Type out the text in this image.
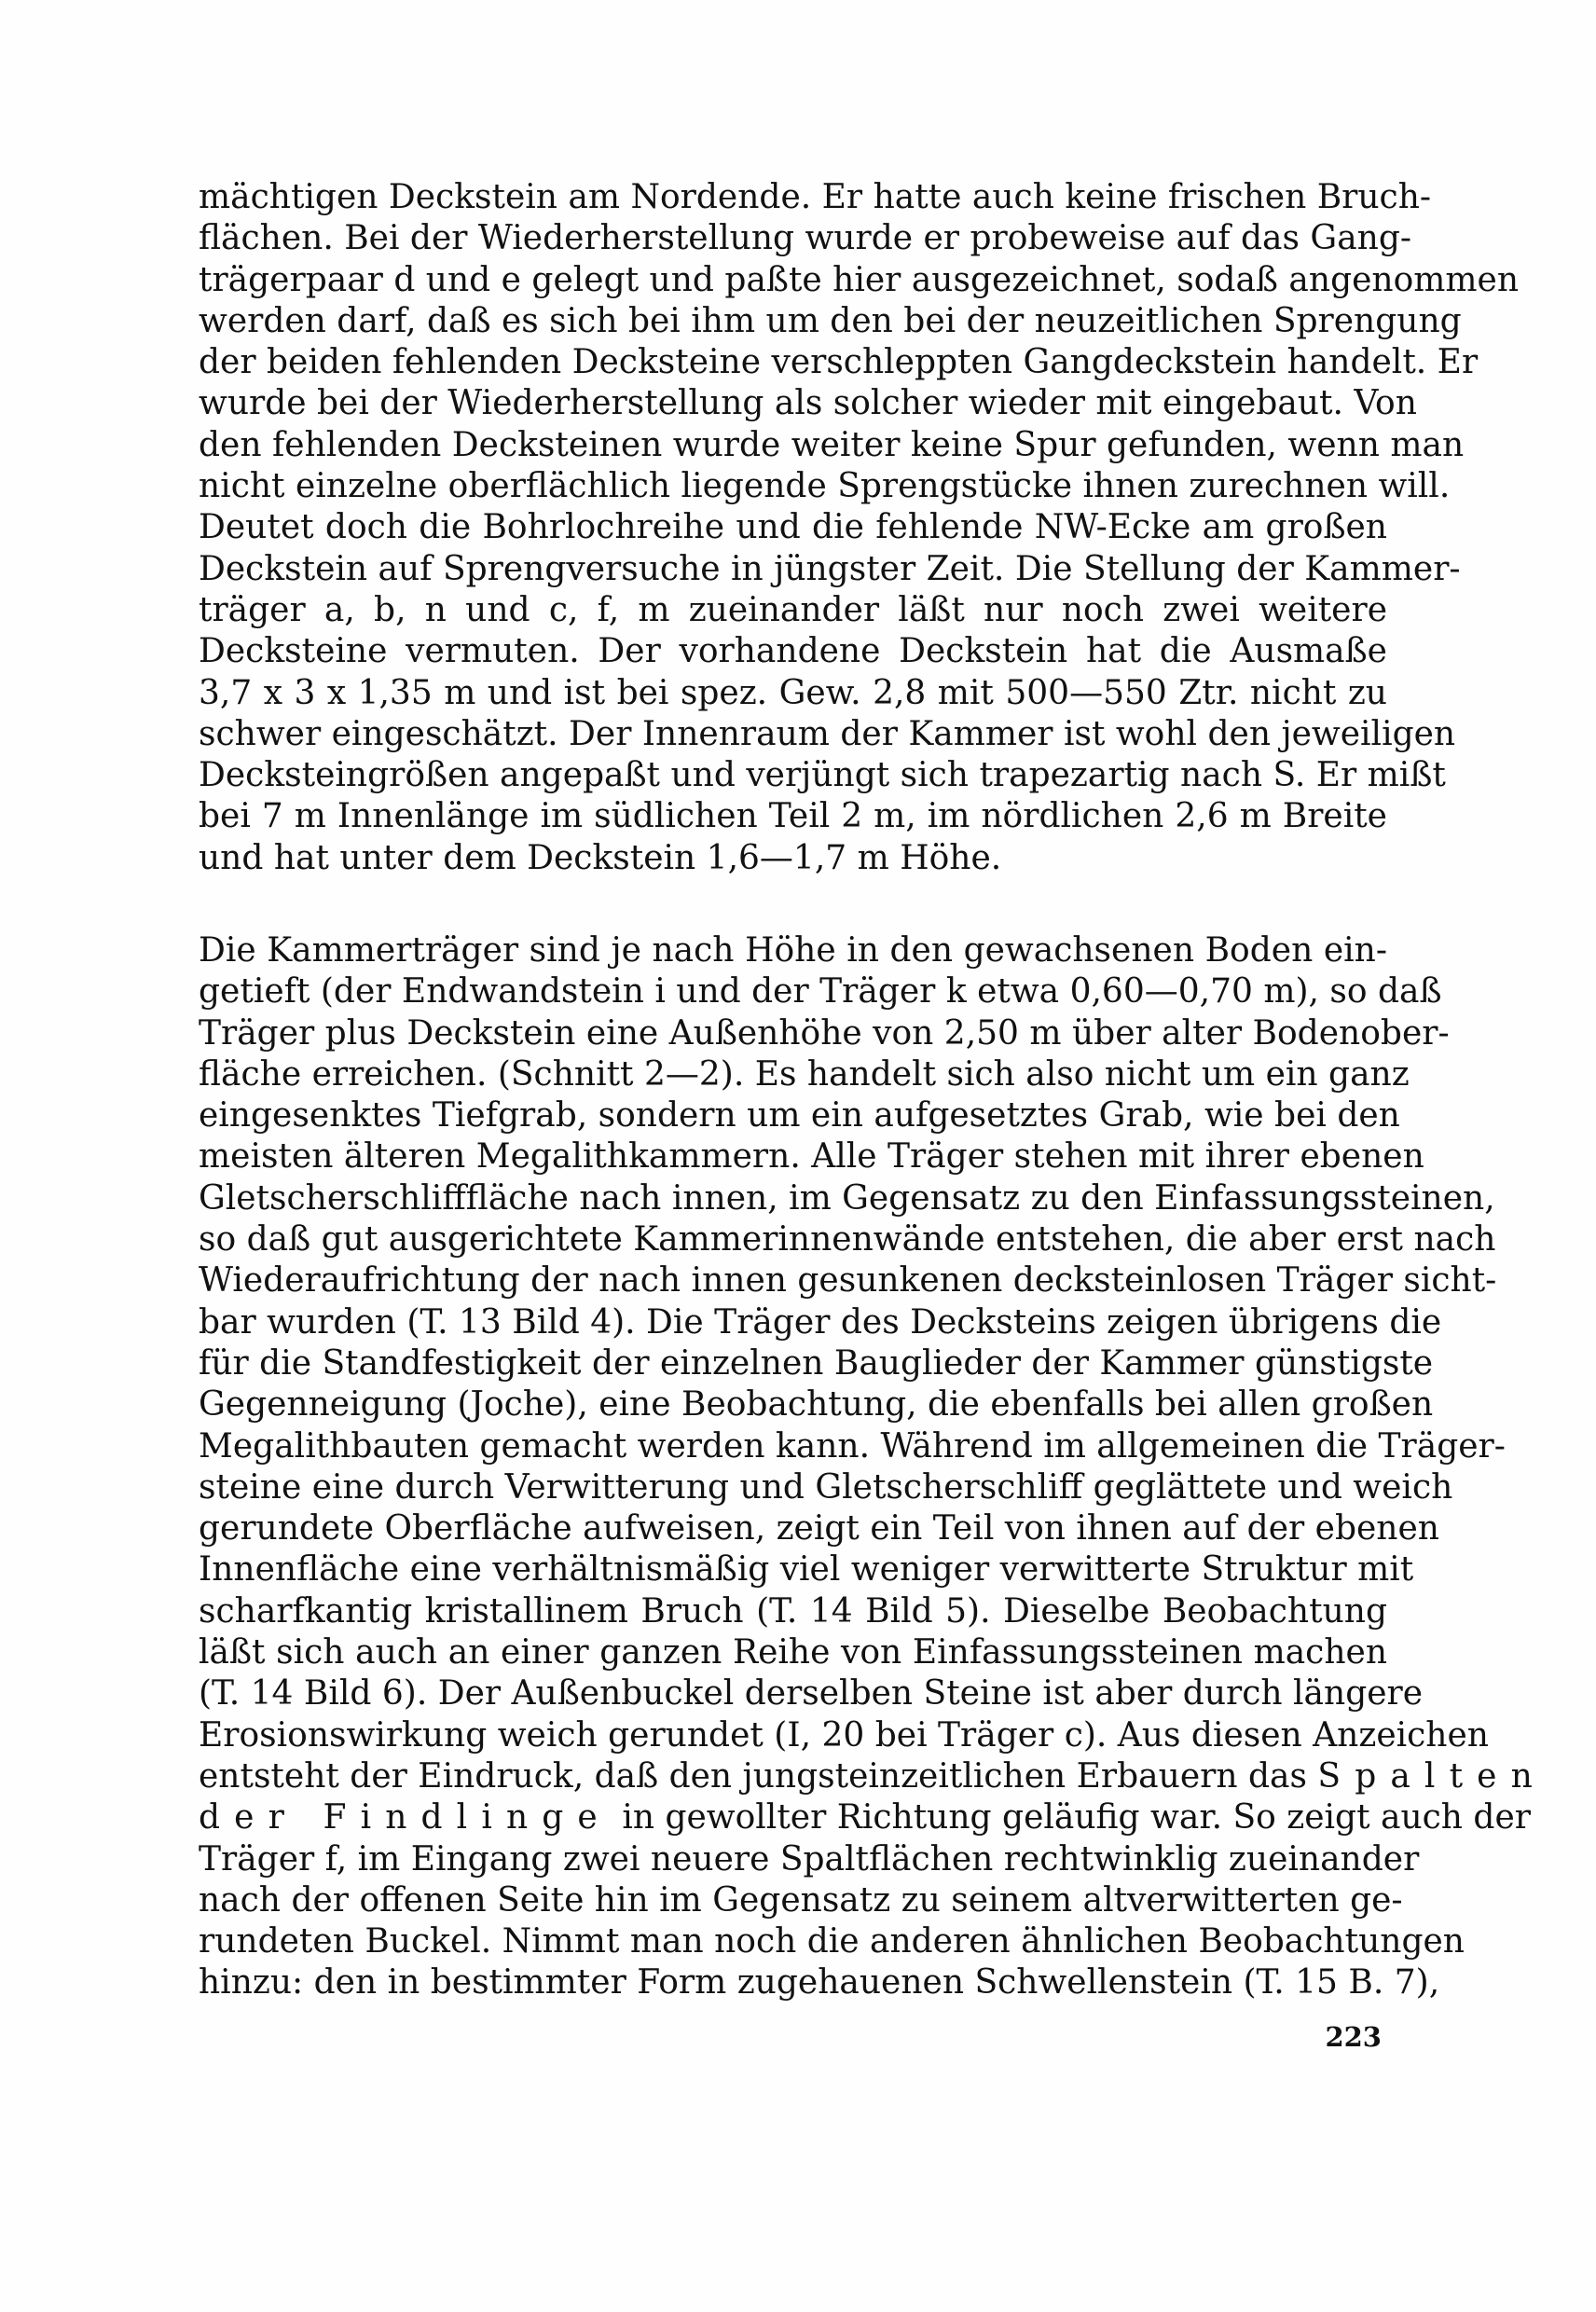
mächtigen Deckstein am Nordende. Er hatte auch keine frischen Bruch-
flächen. Bei der Wiederherstellung wurde er probeweise auf das Gang-
trägerpaar d und e gelegt und paßte hier ausgezeichnet, sodaß angenommen
werden darf, daß es sich bei ihm um den bei der neuzeitlichen Sprengung
der beiden fehlenden Decksteine verschleppten Gangdeckstein handelt. Er
wurde bei der Wiederherstellung als solcher wieder mit eingebaut. Von
den fehlenden Decksteinen wurde weiter keine Spur gefunden, wenn man
nicht einzelne oberflächlich liegende Sprengstücke ihnen zurechnen will.
Deutet doch die Bohrlochreihe und die fehlende NW-Ecke am großen
Deckstein auf Sprengversuche in jüngster Zeit. Die Stellung der Kammer-
träger a, b, n und c, f, m zueinander läßt nur noch zwei weitere
Decksteine vermuten. Der vorhandene Deckstein hat die Ausmaße
3,7 x 3 x 1,35 m und ist bei spez. Gew. 2,8 mit 500—550 Ztr. nicht zu
schwer eingeschätzt. Der Innenraum der Kammer ist wohl den jeweiligen
Decksteingrößen angepaßt und verjüngt sich trapezartig nach S. Er mißt
bei 7 m Innenlänge im südlichen Teil 2 m, im nördlichen 2,6 m Breite
und hat unter dem Deckstein 1,6—1,7 m Höhe.
Die Kammerträger sind je nach Höhe in den gewachsenen Boden ein-
getieft (der Endwandstein i und der Träger k etwa 0,60—0,70 m), so daß
Träger plus Deckstein eine Außenhöhe von 2,50 m über alter Bodenober-
fläche erreichen. (Schnitt 2—2). Es handelt sich also nicht um ein ganz
eingesenktes Tiefgrab, sondern um ein aufgesetztes Grab, wie bei den
meisten älteren Megalithkammern. Alle Träger stehen mit ihrer ebenen
Gletscherschlifffläche nach innen, im Gegensatz zu den Einfassungssteinen,
so daß gut ausgerichtete Kammerinnenwände entstehen, die aber erst nach
Wiederaufrichtung der nach innen gesunkenen decksteinlosen Träger sicht-
bar wurden (T. 13 Bild 4). Die Träger des Decksteins zeigen übrigens die
für die Standfestigkeit der einzelnen Bauglieder der Kammer günstigste
Gegenneigung (Joche), eine Beobachtung, die ebenfalls bei allen großen
Megalithbauten gemacht werden kann. Während im allgemeinen die Träger-
steine eine durch Verwitterung und Gletscherschliff geglättete und weich
gerundete Oberfläche aufweisen, zeigt ein Teil von ihnen auf der ebenen
Innenfläche eine verhältnismäßig viel weniger verwitterte Struktur mit
scharfkantig kristallinem Bruch (T. 14 Bild 5). Dieselbe Beobachtung
läßt sich auch an einer ganzen Reihe von Einfassungssteinen machen
(T. 14 Bild 6). Der Außenbuckel derselben Steine ist aber durch längere
Erosionswirkung weich gerundet (I, 20 bei Träger c). Aus diesen Anzeichen
entsteht der Eindruck, daß den jungsteinzeitlichen Erbauern das Spalten
der Findlinge in gewollter Richtung geläufig war. So zeigt auch der
Träger f, im Eingang zwei neuere Spaltflächen rechtwinklig zueinander
nach der offenen Seite hin im Gegensatz zu seinem altverwitterten ge-
rundeten Buckel. Nimmt man noch die anderen ähnlichen Beobachtungen
hinzu: den in bestimmter Form zugehauenen Schwellenstein (T. 15 B. 7),
223
